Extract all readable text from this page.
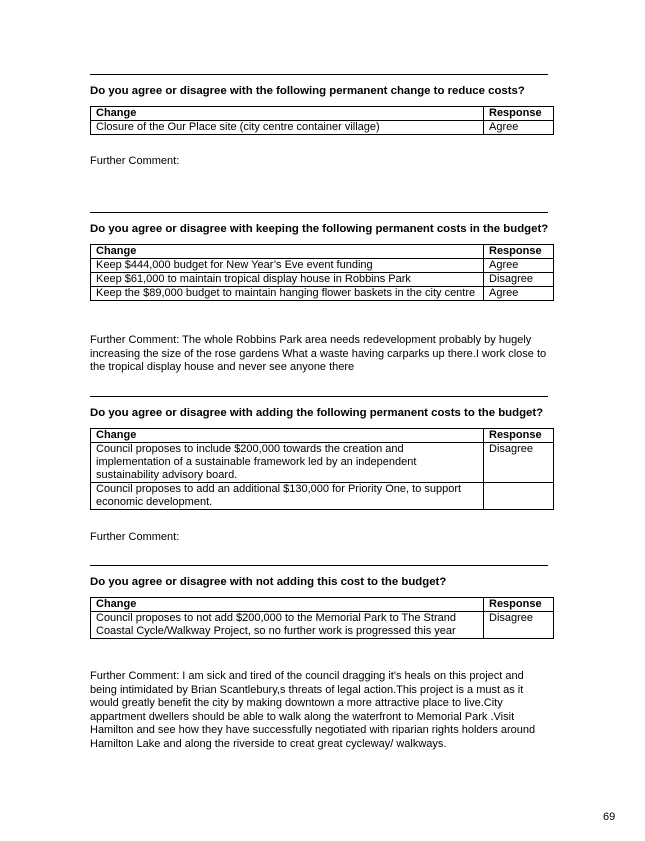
Do you agree or disagree with the following permanent change to reduce costs?
Change	Response
Closure of the Our Place site (city centre container village)	Agree
Further Comment:
Do you agree or disagree with keeping the following permanent costs in the budget?
Change	Response
Keep $444,000 budget for New Year’s Eve event funding	Agree
Keep $61,000 to maintain tropical display house in Robbins Park	Disagree
Keep the $89,000 budget to maintain hanging flower baskets in the city centre	Agree
Further Comment: The whole Robbins Park area needs redevelopment probably by hugely increasing the size of the rose gardens What a waste having carparks up there.I work close to the tropical display house and never see anyone there
Do you agree or disagree with adding the following permanent costs to the budget?
Change	Response
Council proposes to include $200,000 towards the creation and implementation of a sustainable framework led by an independent sustainability advisory board.	Disagree
Council proposes to add an additional $130,000 for Priority One, to support economic development.	
Further Comment:
Do you agree or disagree with not adding this cost to the budget?
Change	Response
Council proposes to not add $200,000 to the Memorial Park to The Strand Coastal Cycle/Walkway Project, so no further work is progressed this year	Disagree
Further Comment: I am sick and tired of the council dragging it's heals on this project and being intimidated by Brian Scantlebury,s threats of legal action.This project is a must as it would greatly benefit the city by making downtown a more attractive place to live.City appartment dwellers should be able to walk along the waterfront to Memorial Park .Visit Hamilton and see how they have successfully negotiated with riparian rights holders around Hamilton Lake and along the riverside to creat great cycleway/ walkways.
69
